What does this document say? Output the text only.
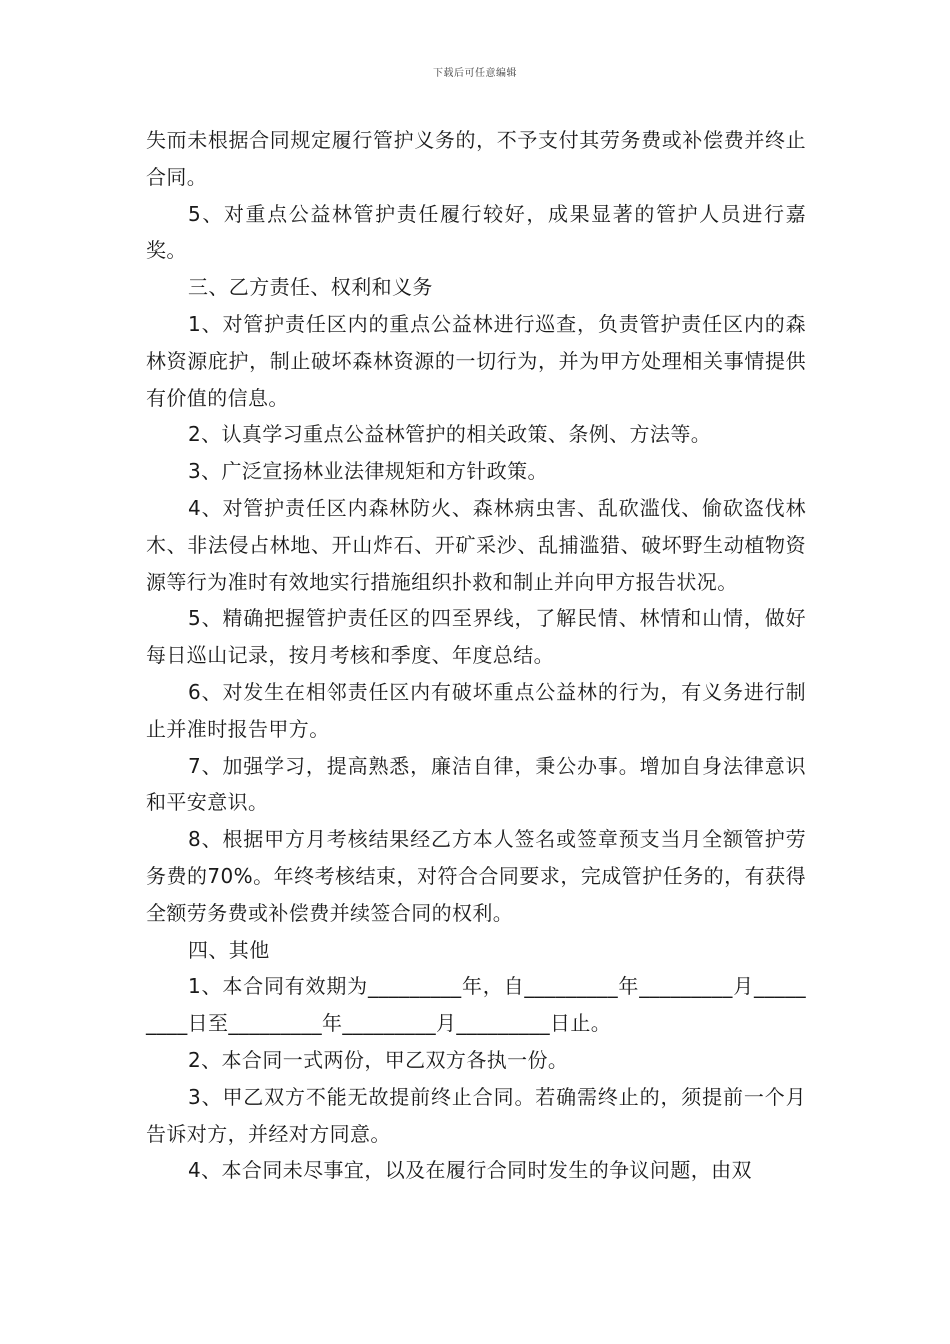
下载后可任意编辑

失而未根据合同规定履行管护义务的，不予支付其劳务费或补偿费并终止合同。

5、对重点公益林管护责任履行较好，成果显著的管护人员进行嘉奖。

三、乙方责任、权利和义务

1、对管护责任区内的重点公益林进行巡查，负责管护责任区内的森林资源庇护，制止破坏森林资源的一切行为，并为甲方处理相关事情提供有价值的信息。

2、认真学习重点公益林管护的相关政策、条例、方法等。

3、广泛宣扬林业法律规矩和方针政策。

4、对管护责任区内森林防火、森林病虫害、乱砍滥伐、偷砍盗伐林木、非法侵占林地、开山炸石、开矿采沙、乱捕滥猎、破坏野生动植物资源等行为准时有效地实行措施组织扑救和制止并向甲方报告状况。

5、精确把握管护责任区的四至界线，了解民情、林情和山情，做好每日巡山记录，按月考核和季度、年度总结。

6、对发生在相邻责任区内有破坏重点公益林的行为，有义务进行制止并准时报告甲方。

7、加强学习，提高熟悉，廉洁自律，秉公办事。增加自身法律意识和平安意识。

8、根据甲方月考核结果经乙方本人签名或签章预支当月全额管护劳务费的70%。年终考核结束，对符合合同要求，完成管护任务的，有获得全额劳务费或补偿费并续签合同的权利。

四、其他

1、本合同有效期为_________年，自_________年_________月_________日至_________年_________月_________日止。

2、本合同一式两份，甲乙双方各执一份。

3、甲乙双方不能无故提前终止合同。若确需终止的，须提前一个月告诉对方，并经对方同意。

4、本合同未尽事宜，以及在履行合同时发生的争议问题，由双
